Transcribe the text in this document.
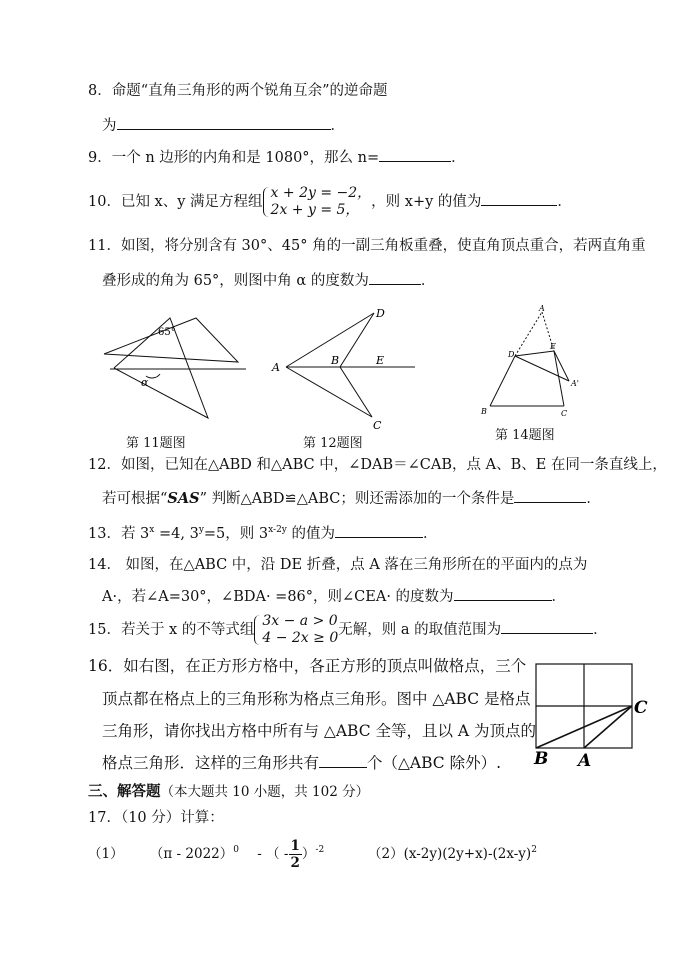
8．命题“直角三角形的两个锐角互余”的逆命题
为	．
9．一个 n 边形的内角和是 1080°，那么 n=	．
10．已知 x、y 满足方程组
x + 2y = −2，
2x + y = 5， ，则 x+y 的值为	．
11．如图，将分别含有 30°、45° 角的一副三角板重叠，使直角顶点重合，若两直角重
叠形成的角为 65°，则图中角 α 的度数为	．
65°
α
第 11题图
A
B	E
D
C
第 12题图
A
D
E
A'
B	C
第 14题图
12．如图，已知在△ABD 和△ABC 中，∠DAB＝∠CAB，点 A、B、E 在同一条直线上，
若可根据“SAS” 判断△ABD≌△ABC；则还需添加的一个条件是	．
13．若 $3^x =4$, $3^y=5$，则 $3^{x-2y}$ 的值为	．
14． 如图，在△ABC 中，沿 DE 折叠，点 A 落在三角形所在的平面内的点为
A·，若∠A=30°，∠BDA· =86°，则∠CEA· 的度数为	．
15．若关于 x 的不等式组
3x − a > 0
4 − 2x ≥ 0 无解，则 a 的取值范围为	．
16．如右图，在正方形方格中，各正方形的顶点叫做格点，三个
顶点都在格点上的三角形称为格点三角形。图中 △ABC 是格点
三角形，请你找出方格中所有与 △ABC 全等，且以 A 为顶点的
格点三角形．这样的三角形共有	个（△ABC 除外）. B A
C
三、解答题（本大题共 10 小题，共 102 分）
17．（10 分）计算：
（1） （π - 2022）$^0$ - （ - $\frac{1}{2} )^{-2}$	$(2)(x-2y)(2y+x)-(2x-y)^2$
